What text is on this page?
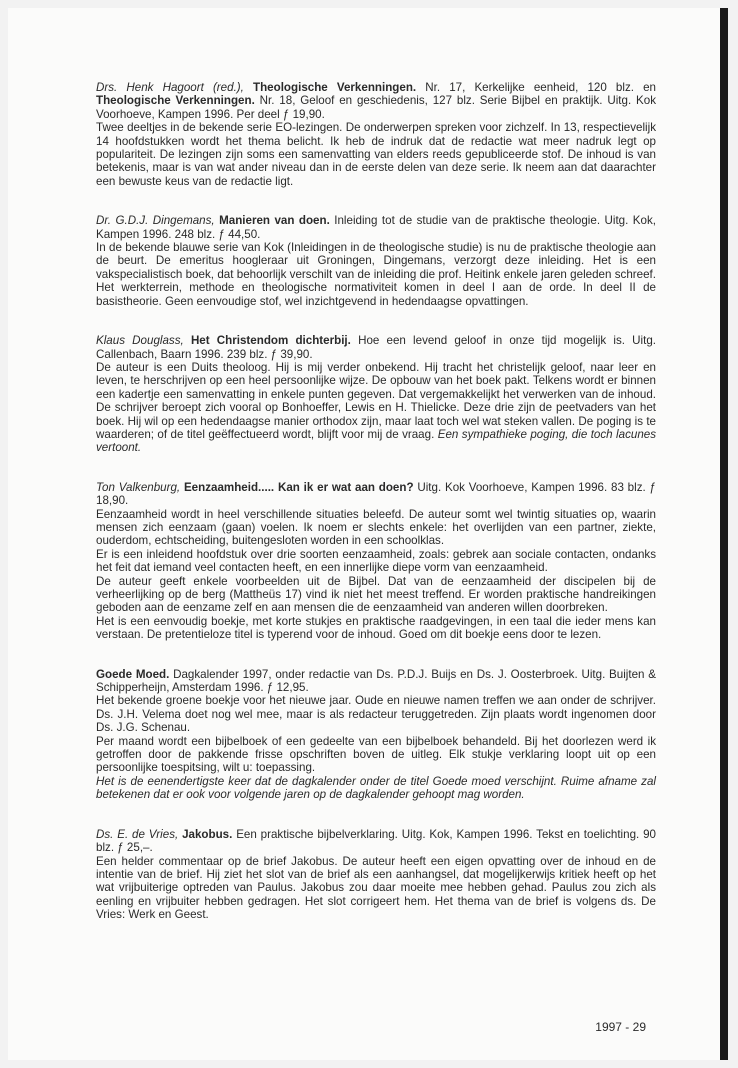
Drs. Henk Hagoort (red.), Theologische Verkenningen. Nr. 17, Kerkelijke eenheid, 120 blz. en Theologische Verkenningen. Nr. 18, Geloof en geschiedenis, 127 blz. Serie Bijbel en praktijk. Uitg. Kok Voorhoeve, Kampen 1996. Per deel ƒ 19,90.

Twee deeltjes in de bekende serie EO-lezingen. De onderwerpen spreken voor zichzelf. In 13, respectievelijk 14 hoofdstukken wordt het thema belicht. Ik heb de indruk dat de redactie wat meer nadruk legt op populariteit. De lezingen zijn soms een samenvatting van elders reeds gepubliceerde stof. De inhoud is van betekenis, maar is van wat ander niveau dan in de eerste delen van deze serie. Ik neem aan dat daarachter een bewuste keus van de redactie ligt.

Dr. G.D.J. Dingemans, Manieren van doen. Inleiding tot de studie van de praktische theologie. Uitg. Kok, Kampen 1996. 248 blz. ƒ 44,50.

In de bekende blauwe serie van Kok (Inleidingen in de theologische studie) is nu de praktische theologie aan de beurt. De emeritus hoogleraar uit Groningen, Dingemans, verzorgt deze inleiding. Het is een vakspecialistisch boek, dat behoorlijk verschilt van de inleiding die prof. Heitink enkele jaren geleden schreef. Het werkterrein, methode en theologische normativiteit komen in deel I aan de orde. In deel II de basistheorie. Geen eenvoudige stof, wel inzichtgevend in hedendaagse opvattingen.

Klaus Douglass, Het Christendom dichterbij. Hoe een levend geloof in onze tijd mogelijk is. Uitg. Callenbach, Baarn 1996. 239 blz. ƒ 39,90.

De auteur is een Duits theoloog. Hij is mij verder onbekend. Hij tracht het christelijk geloof, naar leer en leven, te herschrijven op een heel persoonlijke wijze. De opbouw van het boek pakt. Telkens wordt er binnen een kadertje een samenvatting in enkele punten gegeven. Dat vergemakkelijkt het verwerken van de inhoud. De schrijver beroept zich vooral op Bonhoeffer, Lewis en H. Thielicke. Deze drie zijn de peetvaders van het boek. Hij wil op een hedendaagse manier orthodox zijn, maar laat toch wel wat steken vallen. De poging is te waarderen; of de titel geëffectueerd wordt, blijft voor mij de vraag. Een sympathieke poging, die toch lacunes vertoont.

Ton Valkenburg, Eenzaamheid..... Kan ik er wat aan doen? Uitg. Kok Voorhoeve, Kampen 1996. 83 blz. ƒ 18,90.

Eenzaamheid wordt in heel verschillende situaties beleefd. De auteur somt wel twintig situaties op, waarin mensen zich eenzaam (gaan) voelen. Ik noem er slechts enkele: het overlijden van een partner, ziekte, ouderdom, echtscheiding, buitengesloten worden in een schoolklas.

Er is een inleidend hoofdstuk over drie soorten eenzaamheid, zoals: gebrek aan sociale contacten, ondanks het feit dat iemand veel contacten heeft, en een innerlijke diepe vorm van eenzaamheid.

De auteur geeft enkele voorbeelden uit de Bijbel. Dat van de eenzaamheid der discipelen bij de verheerlijking op de berg (Mattheüs 17) vind ik niet het meest treffend. Er worden praktische handreikingen geboden aan de eenzame zelf en aan mensen die de eenzaamheid van anderen willen doorbreken.

Het is een eenvoudig boekje, met korte stukjes en praktische raadgevingen, in een taal die ieder mens kan verstaan. De pretentieloze titel is typerend voor de inhoud. Goed om dit boekje eens door te lezen.

Goede Moed. Dagkalender 1997, onder redactie van Ds. P.D.J. Buijs en Ds. J. Oosterbroek. Uitg. Buijten & Schipperheijn, Amsterdam 1996. ƒ 12,95.

Het bekende groene boekje voor het nieuwe jaar. Oude en nieuwe namen treffen we aan onder de schrijver. Ds. J.H. Velema doet nog wel mee, maar is als redacteur teruggetreden. Zijn plaats wordt ingenomen door Ds. J.G. Schenau.

Per maand wordt een bijbelboek of een gedeelte van een bijbelboek behandeld. Bij het doorlezen werd ik getroffen door de pakkende frisse opschriften boven de uitleg. Elk stukje verklaring loopt uit op een persoonlijke toespitsing, wilt u: toepassing.

Het is de eenendertigste keer dat de dagkalender onder de titel Goede moed verschijnt. Ruime afname zal betekenen dat er ook voor volgende jaren op de dagkalender gehoopt mag worden.

Ds. E. de Vries, Jakobus. Een praktische bijbelverklaring. Uitg. Kok, Kampen 1996. Tekst en toelichting. 90 blz. ƒ 25,–.

Een helder commentaar op de brief Jakobus. De auteur heeft een eigen opvatting over de inhoud en de intentie van de brief. Hij ziet het slot van de brief als een aanhangsel, dat mogelijkerwijs kritiek heeft op het wat vrijbuiterige optreden van Paulus. Jakobus zou daar moeite mee hebben gehad. Paulus zou zich als eenling en vrijbuiter hebben gedragen. Het slot corrigeert hem. Het thema van de brief is volgens ds. De Vries: Werk en Geest.

1997 - 29
